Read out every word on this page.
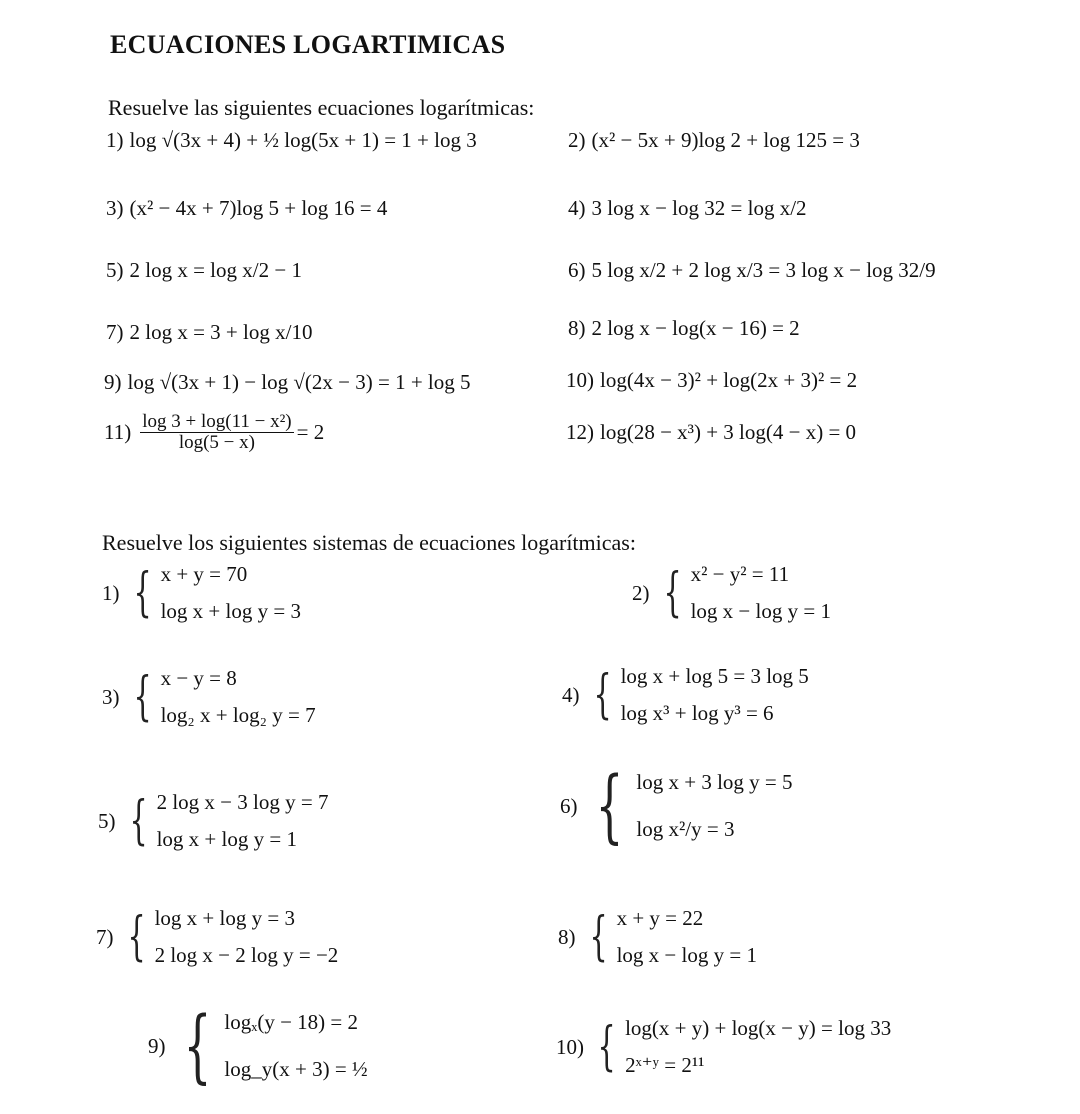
ECUACIONES LOGARTIMICAS
Resuelve las siguientes ecuaciones logarítmicas:
1) log √(3x + 4) + ½ log(5x + 1) = 1 + log 3	2) (x² − 5x + 9)log 2 + log 125 = 3
3) (x² − 4x + 7)log 5 + log 16 = 4	4) 3 log x − log 32 = log x/2
5) 2 log x = log x/2 − 1	6) 5 log x/2 + 2 log x/3 = 3 log x − log 32/9
7) 2 log x = 3 + log x/10	8) 2 log x − log(x − 16) = 2
9) log √(3x + 1) − log √(2x − 3) = 1 + log 5	10) log(4x − 3)² + log(2x + 3)² = 2
$11) \frac{\text{log 3 + log(11 − x²)}}{\log(5 - x)} = 2$	12) log(28 − x³) + 3 log(4 − x) = 0
Resuelve los siguientes sistemas de ecuaciones logarítmicas:
1) { x + y = 70
log x + log y = 3
2) { x² − y² = 11
log x − log y = 1
3) { x − y = 8
log₂ x + log₂ y = 7
4) { log x + log 5 = 3 log 5
log x³ + log y³ = 6
5) { 2 log x − 3 log y = 7
log x + log y = 1
6) { log x + 3 log y = 5
log x²/y = 3
7) { log x + log y = 3
2 log x − 2 log y = −2
8) { x + y = 22
log x − log y = 1
9) { logₓ(y − 18) = 2
log_y(x + 3) = ½
10) { log(x + y) + log(x − y) = log 33
2ˣ⁺ʸ = 2¹¹
